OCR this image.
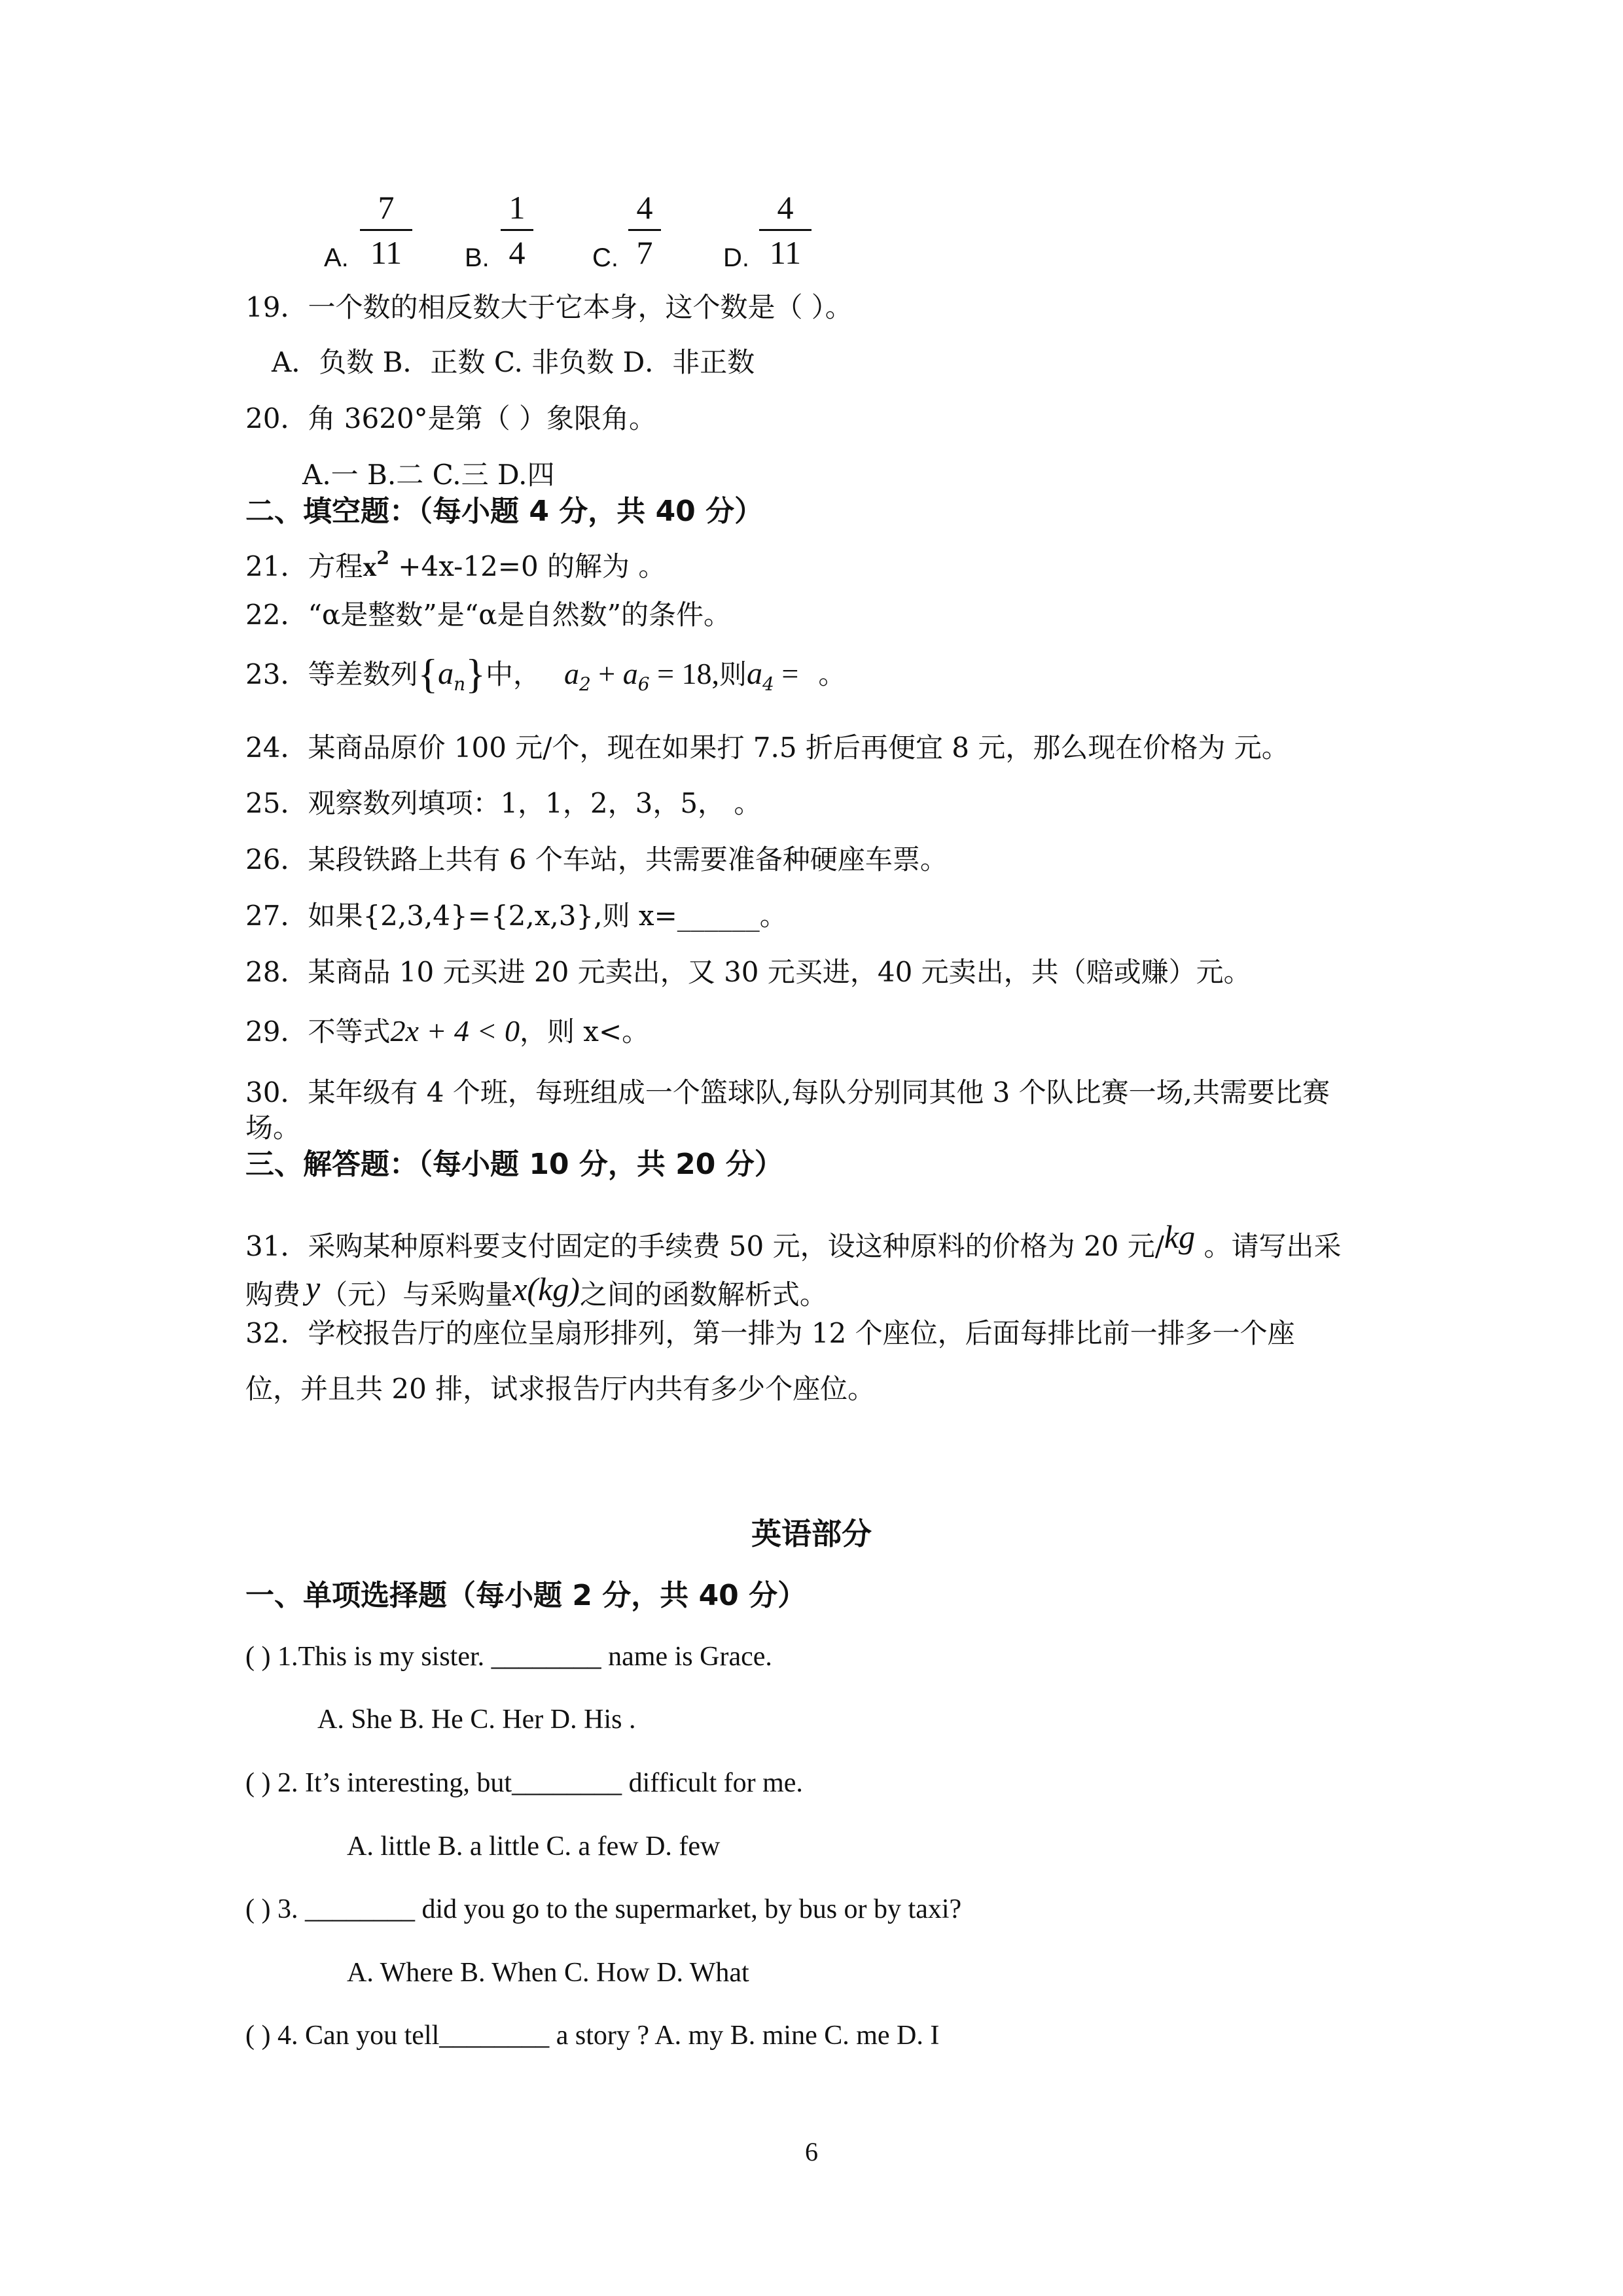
A.
7
11	B.
1
4	C.
4
7	D.
4
11
19．一个数的相反数大于它本身，这个数是（ ）。
A．负数 B．正数 C. 非负数 D．非正数
20．角 3620°是第（ ）象限角。
A.一 B.二 C.三 D.四
二、填空题：（每小题 4 分，共 40 分）
21．方程$x^2 +4x-12=0$ 的解为 。
22．“α是整数”是“α是自然数”的条件。
23．等差数列$\{a_n\}$中， $a_2 + a_6 = 18$,则$a_4$ = 。
24．某商品原价 100 元/个，现在如果打 7.5 折后再便宜 8 元，那么现在价格为 元。
25．观察数列填项：1，1，2，3，5， 。
26．某段铁路上共有 6 个车站，共需要准备种硬座车票。
27．如果{2,3,4}={2,x,3},则 x=______。
28．某商品 10 元买进 20 元卖出，又 30 元买进，40 元卖出，共（赔或赚）元。
29．不等式2x + 4 < 0，则 x<。
30．某年级有 4 个班，每班组成一个篮球队,每队分别同其他 3 个队比赛一场,共需要比赛
场。
三、解答题：（每小题 10 分，共 20 分）
31．采购某种原料要支付固定的手续费 50 元，设这种原料的价格为 20 元/kg 。请写出采
购费 y（元）与采购量x(kg)之间的函数解析式。
32．学校报告厅的座位呈扇形排列，第一排为 12 个座位，后面每排比前一排多一个座
位，并且共 20 排，试求报告厅内共有多少个座位。
英语部分
一、单项选择题（每小题 2 分，共 40 分）
( ) 1.This is my sister. ________ name is Grace.
A. She B. He C. Her D. His .
( ) 2. It’s interesting, but________ difficult for me.
A. little B. a little C. a few D. few
( ) 3. ________ did you go to the supermarket, by bus or by taxi?
A. Where B. When C. How D. What
( ) 4. Can you tell________ a story ? A. my B. mine C. me D. I
6
